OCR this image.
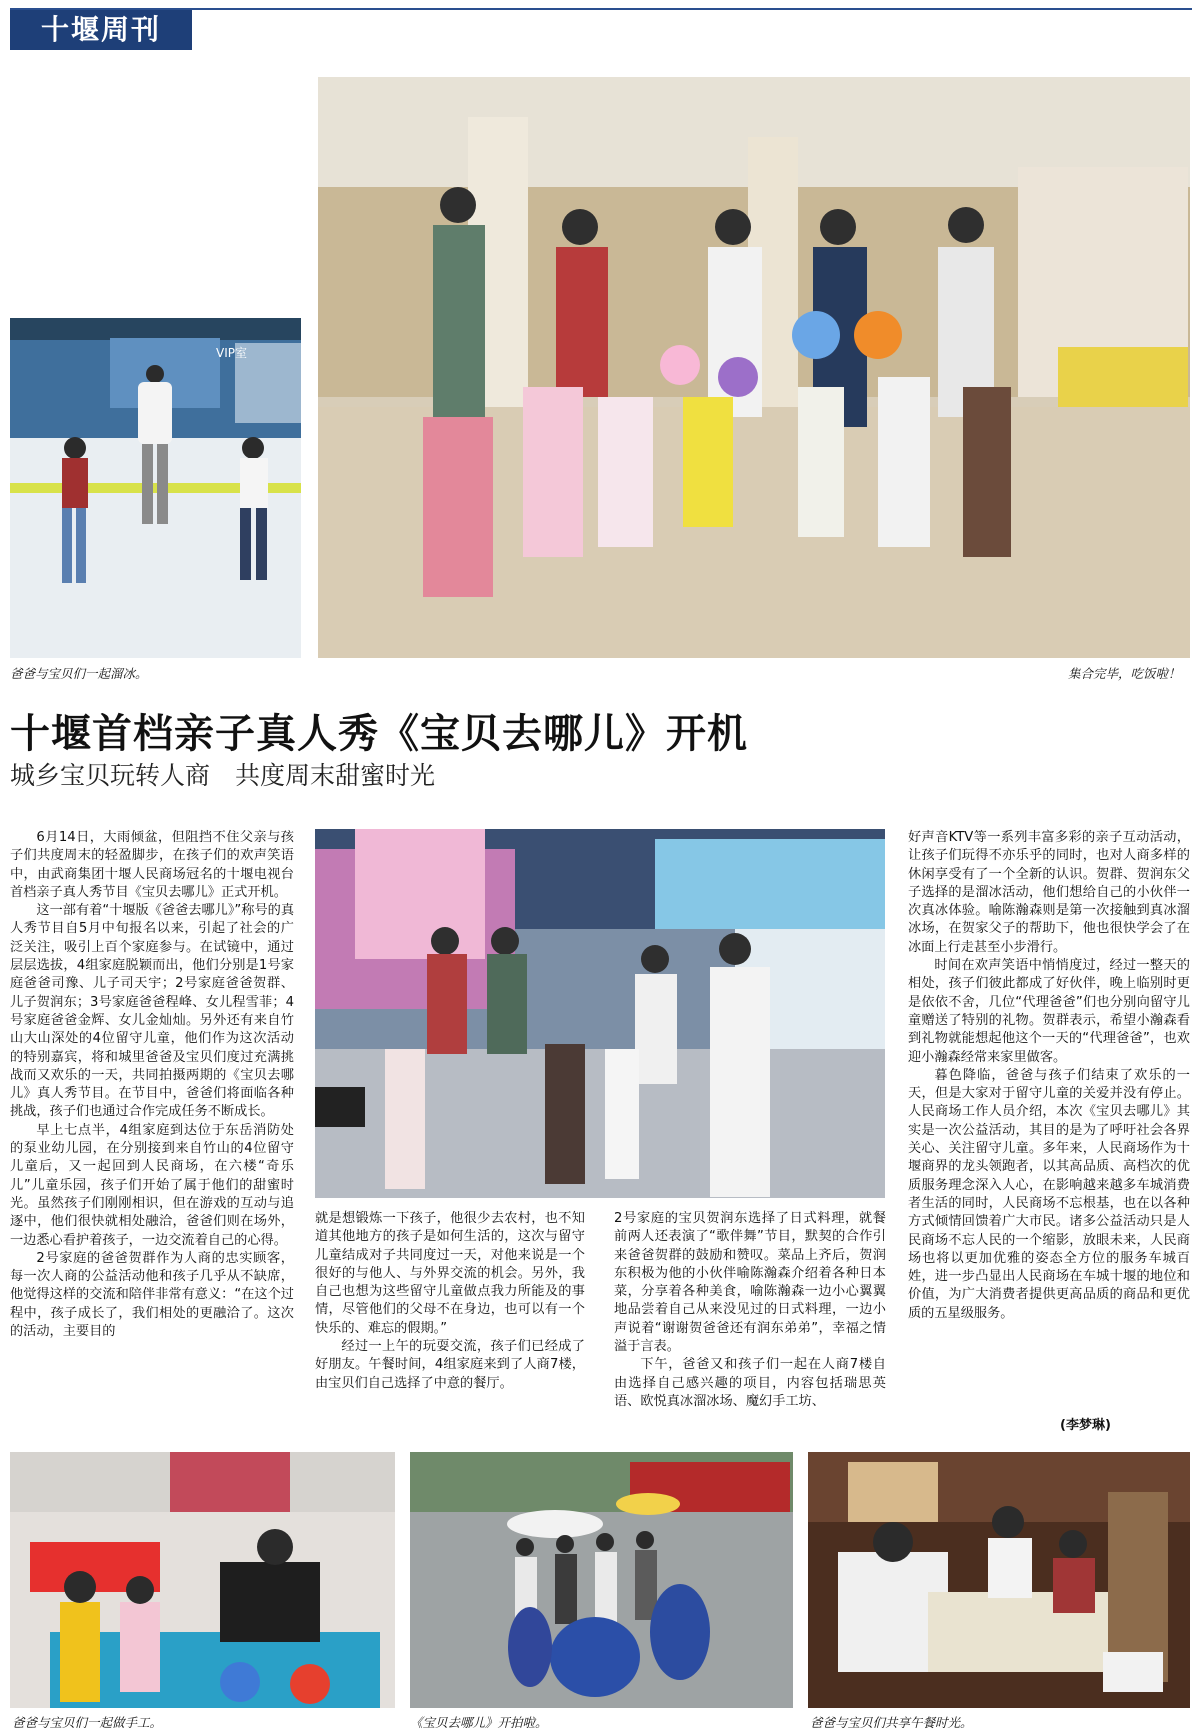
十堰周刊
VIP室
爸爸与宝贝们一起溜冰。	集合完毕，吃饭啦！
十堰首档亲子真人秀《宝贝去哪儿》开机
城乡宝贝玩转人商　共度周末甜蜜时光

6月14日，大雨倾盆，但阻挡不住父亲与孩子们共度周末的轻盈脚步，在孩子们的欢声笑语中，由武商集团十堰人民商场冠名的十堰电视台首档亲子真人秀节目《宝贝去哪儿》正式开机。

这一部有着“十堰版《爸爸去哪儿》”称号的真人秀节目自5月中旬报名以来，引起了社会的广泛关注，吸引上百个家庭参与。在试镜中，通过层层选拔，4组家庭脱颖而出，他们分别是1号家庭爸爸司豫、儿子司天宇；2号家庭爸爸贺群、儿子贺润东；3号家庭爸爸程峰、女儿程雪菲；4号家庭爸爸金辉、女儿金灿灿。另外还有来自竹山大山深处的4位留守儿童，他们作为这次活动的特别嘉宾，将和城里爸爸及宝贝们度过充满挑战而又欢乐的一天，共同拍摄两期的《宝贝去哪儿》真人秀节目。在节目中，爸爸们将面临各种挑战，孩子们也通过合作完成任务不断成长。

早上七点半，4组家庭到达位于东岳消防处的泵业幼儿园，在分别接到来自竹山的4位留守儿童后，又一起回到人民商场，在六楼“奇乐儿”儿童乐园，孩子们开始了属于他们的甜蜜时光。虽然孩子们刚刚相识，但在游戏的互动与追逐中，他们很快就相处融洽，爸爸们则在场外，一边悉心看护着孩子，一边交流着自己的心得。

2号家庭的爸爸贺群作为人商的忠实顾客，每一次人商的公益活动他和孩子几乎从不缺席，他觉得这样的交流和陪伴非常有意义：“在这个过程中，孩子成长了，我们相处的更融洽了。这次的活动，主要目的

就是想锻炼一下孩子，他很少去农村，也不知道其他地方的孩子是如何生活的，这次与留守儿童结成对子共同度过一天，对他来说是一个很好的与他人、与外界交流的机会。另外，我自己也想为这些留守儿童做点我力所能及的事情，尽管他们的父母不在身边，也可以有一个快乐的、难忘的假期。”

经过一上午的玩耍交流，孩子们已经成了好朋友。午餐时间，4组家庭来到了人商7楼，由宝贝们自己选择了中意的餐厅。

2号家庭的宝贝贺润东选择了日式料理，就餐前两人还表演了“歌伴舞”节目，默契的合作引来爸爸贺群的鼓励和赞叹。菜品上齐后，贺润东积极为他的小伙伴喻陈瀚森介绍着各种日本菜，分享着各种美食，喻陈瀚森一边小心翼翼地品尝着自己从来没见过的日式料理，一边小声说着“谢谢贺爸爸还有润东弟弟”，幸福之情溢于言表。

下午，爸爸又和孩子们一起在人商7楼自由选择自己感兴趣的项目，内容包括瑞思英语、欧悦真冰溜冰场、魔幻手工坊、

好声音KTV等一系列丰富多彩的亲子互动活动，让孩子们玩得不亦乐乎的同时，也对人商多样的休闲享受有了一个全新的认识。贺群、贺润东父子选择的是溜冰活动，他们想给自己的小伙伴一次真冰体验。喻陈瀚森则是第一次接触到真冰溜冰场，在贺家父子的帮助下，他也很快学会了在冰面上行走甚至小步滑行。

时间在欢声笑语中悄悄度过，经过一整天的相处，孩子们彼此都成了好伙伴，晚上临别时更是依依不舍，几位“代理爸爸”们也分别向留守儿童赠送了特别的礼物。贺群表示，希望小瀚森看到礼物就能想起他这个一天的“代理爸爸”，也欢迎小瀚森经常来家里做客。

暮色降临，爸爸与孩子们结束了欢乐的一天，但是大家对于留守儿童的关爱并没有停止。人民商场工作人员介绍，本次《宝贝去哪儿》其实是一次公益活动，其目的是为了呼吁社会各界关心、关注留守儿童。多年来，人民商场作为十堰商界的龙头领跑者，以其高品质、高档次的优质服务理念深入人心，在影响越来越多车城消费者生活的同时，人民商场不忘根基，也在以各种方式倾情回馈着广大市民。诸多公益活动只是人民商场不忘人民的一个缩影，放眼未来，人民商场也将以更加优雅的姿态全方位的服务车城百姓，进一步凸显出人民商场在车城十堰的地位和价值，为广大消费者提供更高品质的商品和更优质的五星级服务。

(李梦琳)
爸爸与宝贝们一起做手工。	《宝贝去哪儿》开拍啦。	爸爸与宝贝们共享午餐时光。
